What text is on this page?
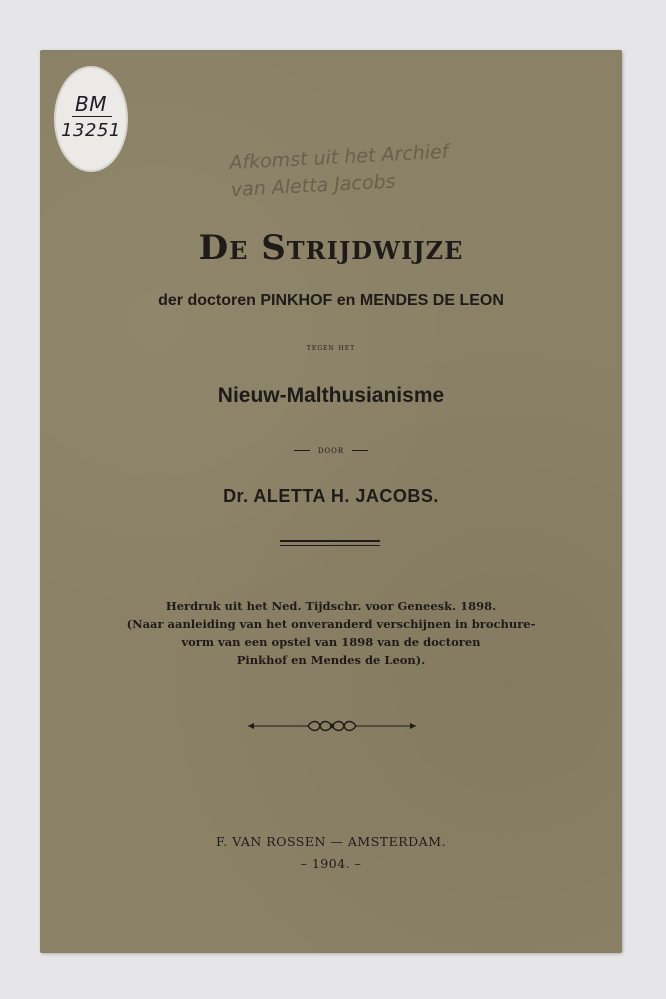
BM
13251
Afkomst uit het Archief
van Aletta Jacobs
De Strijdwijze
der doctoren PINKHOF en MENDES DE LEON
tegen het
Nieuw-Malthusianisme
door
Dr. ALETTA H. JACOBS.
Herdruk uit het Ned. Tijdschr. voor Geneesk. 1898.
(Naar aanleiding van het onveranderd verschijnen in brochure-
vorm van een opstel van 1898 van de doctoren
Pinkhof en Mendes de Leon).
F. VAN ROSSEN — AMSTERDAM.
– 1904. –
